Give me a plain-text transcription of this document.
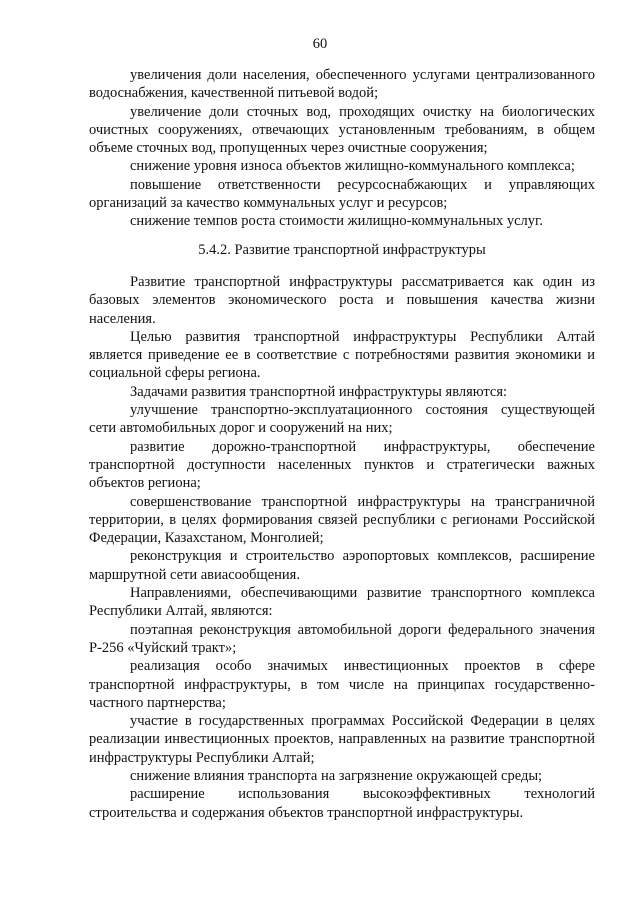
60

увеличения доли населения, обеспеченного услугами централизованного водоснабжения, качественной питьевой водой;

увеличение доли сточных вод, проходящих очистку на биологических очистных сооружениях, отвечающих установленным требованиям, в общем объеме сточных вод, пропущенных через очистные сооружения;

снижение уровня износа объектов жилищно-коммунального комплекса;

повышение ответственности ресурсоснабжающих и управляющих организаций за качество коммунальных услуг и ресурсов;

снижение темпов роста стоимости жилищно-коммунальных услуг.

5.4.2. Развитие транспортной инфраструктуры

Развитие транспортной инфраструктуры рассматривается как один из базовых элементов экономического роста и повышения качества жизни населения.

Целью развития транспортной инфраструктуры Республики Алтай является приведение ее в соответствие с потребностями развития экономики и социальной сферы региона.

Задачами развития транспортной инфраструктуры являются:

улучшение транспортно-эксплуатационного состояния существующей сети автомобильных дорог и сооружений на них;

развитие дорожно-транспортной инфраструктуры, обеспечение транспортной доступности населенных пунктов и стратегически важных объектов региона;

совершенствование транспортной инфраструктуры на трансграничной территории, в целях формирования связей республики с регионами Российской Федерации, Казахстаном, Монголией;

реконструкция и строительство аэропортовых комплексов, расширение маршрутной сети авиасообщения.

Направлениями, обеспечивающими развитие транспортного комплекса Республики Алтай, являются:

поэтапная реконструкция автомобильной дороги федерального значения Р-256 «Чуйский тракт»;

реализация особо значимых инвестиционных проектов в сфере транспортной инфраструктуры, в том числе на принципах государственно-частного партнерства;

участие в государственных программах Российской Федерации в целях реализации инвестиционных проектов, направленных на развитие транспортной инфраструктуры Республики Алтай;

снижение влияния транспорта на загрязнение окружающей среды;

расширение использования высокоэффективных технологий строительства и содержания объектов транспортной инфраструктуры.
